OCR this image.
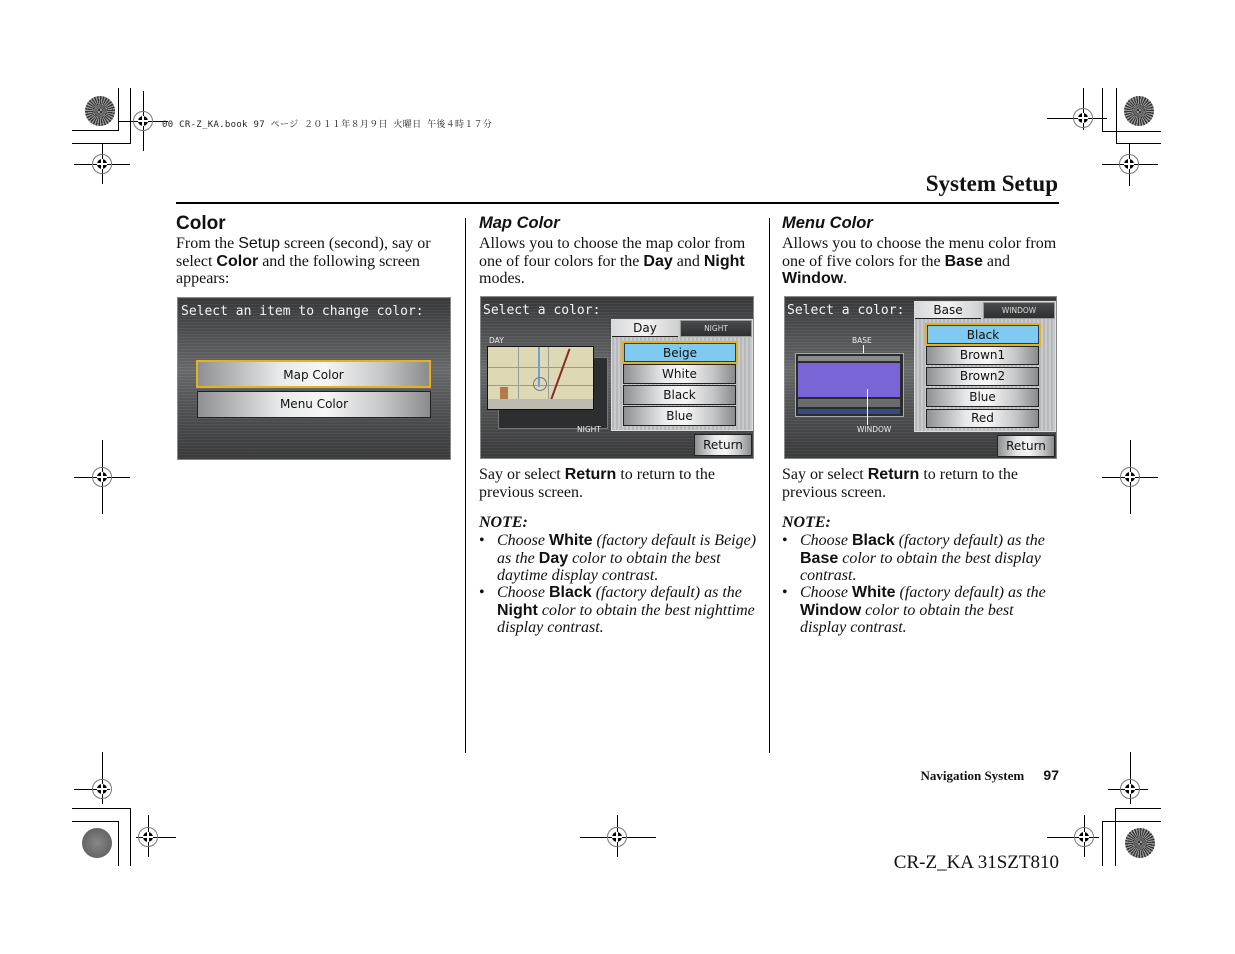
00 CR-Z_KA.book 97 ページ ２０１１年８月９日 火曜日 午後４時１７分
System Setup
Color
From the Setup screen (second), say or select Color and the following screen appears:
Select an item to change color:
Map Color
Menu Color
Map Color
Allows you to choose the map color from one of four colors for the Day and Night modes.
Select a color:
DAY
NIGHT
Day	NIGHT
Beige
White
Black
Blue
Return
Say or select Return to return to the previous screen.
NOTE:
• Choose White (factory default is Beige) as the Day color to obtain the best daytime display contrast.
• Choose Black (factory default) as the Night color to obtain the best nighttime display contrast.
Menu Color
Allows you to choose the menu color from one of five colors for the Base and Window.
Select a color:
BASE
WINDOW
Base	WINDOW
Black
Brown1
Brown2
Blue
Red
Return
Say or select Return to return to the previous screen.
NOTE:
• Choose Black (factory default) as the Base color to obtain the best display contrast.
• Choose White (factory default) as the Window color to obtain the best display contrast.
Navigation System 97
CR-Z_KA 31SZT810
